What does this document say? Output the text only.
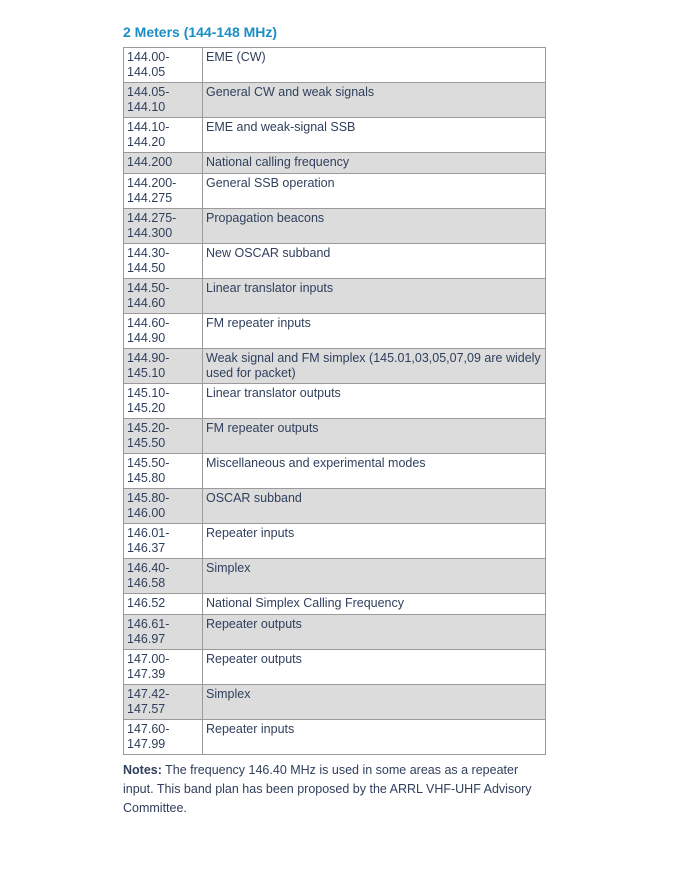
2 Meters (144-148 MHz)
144.00-
144.05	EME (CW)
144.05-
144.10	General CW and weak signals
144.10-
144.20	EME and weak-signal SSB
144.200	National calling frequency
144.200-
144.275	General SSB operation
144.275-
144.300	Propagation beacons
144.30-
144.50	New OSCAR subband
144.50-
144.60	Linear translator inputs
144.60-
144.90	FM repeater inputs
144.90-
145.10	Weak signal and FM simplex (145.01,03,05,07,09 are widely used for packet)
145.10-
145.20	Linear translator outputs
145.20-
145.50	FM repeater outputs
145.50-
145.80	Miscellaneous and experimental modes
145.80-
146.00	OSCAR subband
146.01-
146.37	Repeater inputs
146.40-
146.58	Simplex
146.52	National Simplex Calling Frequency
146.61-
146.97	Repeater outputs
147.00-
147.39	Repeater outputs
147.42-
147.57	Simplex
147.60-
147.99	Repeater inputs
Notes: The frequency 146.40 MHz is used in some areas as a repeater input. This band plan has been proposed by the ARRL VHF-UHF Advisory Committee.
